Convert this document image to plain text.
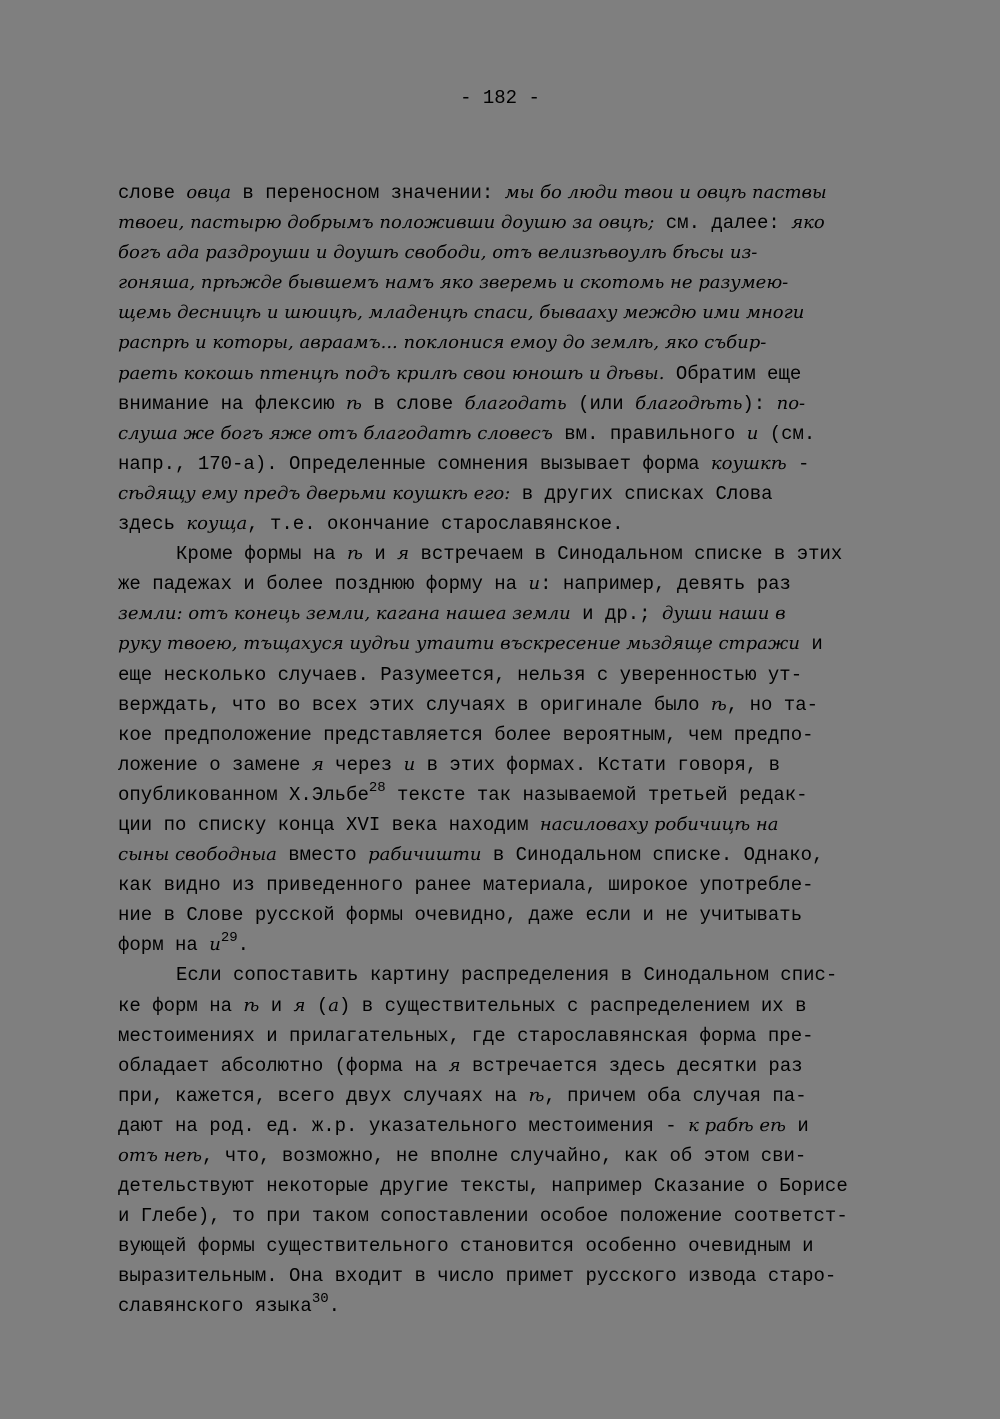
- 182 -
слове овца в переносном значении: мы бо люди твои и овцѣ паствы
твоеи, пастырю добрымъ положивши доушю за овцѣ; см. далее: яко
богъ ада раздроуши и доушѣ свободи, отъ велизѣвоулѣ бѣсы из-
гоняша, прѣжде бывшемъ намъ яко зверемь и скотомь не разумею-
щемь десницѣ и шюицѣ, младенцѣ спаси, бывааху междю ими многи
распрѣ и которы, авраамъ... поклонися емоу до землѣ, яко събир-
раеть кокошь птенцѣ подъ крилѣ свои юношѣ и дѣвы. Обратим еще
внимание на флексию ѣ в слове благодать (или благодѣть): по-
слуша же богъ яже отъ благодатѣ словесъ вм. правильного и (см.
напр., 170-а). Определенные сомнения вызывает форма коушкѣ -
сѣдящу ему предъ дверьми коушкѣ его: в других списках Слова
здесь коуща, т.е. окончание старославянское.
Кроме формы на ѣ и я встречаем в Синодальном списке в этих
же падежах и более позднюю форму на и: например, девять раз
земли: отъ конець земли, кагана нашеа земли и др.; души наши в
руку твоею, тъщахуся иудѣи утаити въскресение мьздяще стражи и
еще несколько случаев. Разумеется, нельзя с уверенностью ут-
верждать, что во всех этих случаях в оригинале было ѣ, но та-
кое предположение представляется более вероятным, чем предпо-
ложение о замене я через и в этих формах. Кстати говоря, в
опубликованном Х.Эльбе$^{28}$ тексте так называемой третьей редак-
ции по списку конца XVI века находим насиловаху робичицѣ на
сыны свободныа вместо рабичишти в Синодальном списке. Однако,
как видно из приведенного ранее материала, широкое употребле-
ние в Слове русской формы очевидно, даже если и не учитывать
форм на $и^{29}$.
Если сопоставить картину распределения в Синодальном спис-
ке форм на ѣ и я (а) в существительных с распределением их в
местоимениях и прилагательных, где старославянская форма пре-
обладает абсолютно (форма на я встречается здесь десятки раз
при, кажется, всего двух случаях на ѣ, причем оба случая па-
дают на род. ед. ж.р. указательного местоимения - к рабѣ еѣ и
отъ неѣ, что, возможно, не вполне случайно, как об этом сви-
детельствуют некоторые другие тексты, например Сказание о Борисе
и Глебе), то при таком сопоставлении особое положение соответст-
вующей формы существительного становится особенно очевидным и
выразительным. Она входит в число примет русского извода старо-
славянского языка$^{30}$.
